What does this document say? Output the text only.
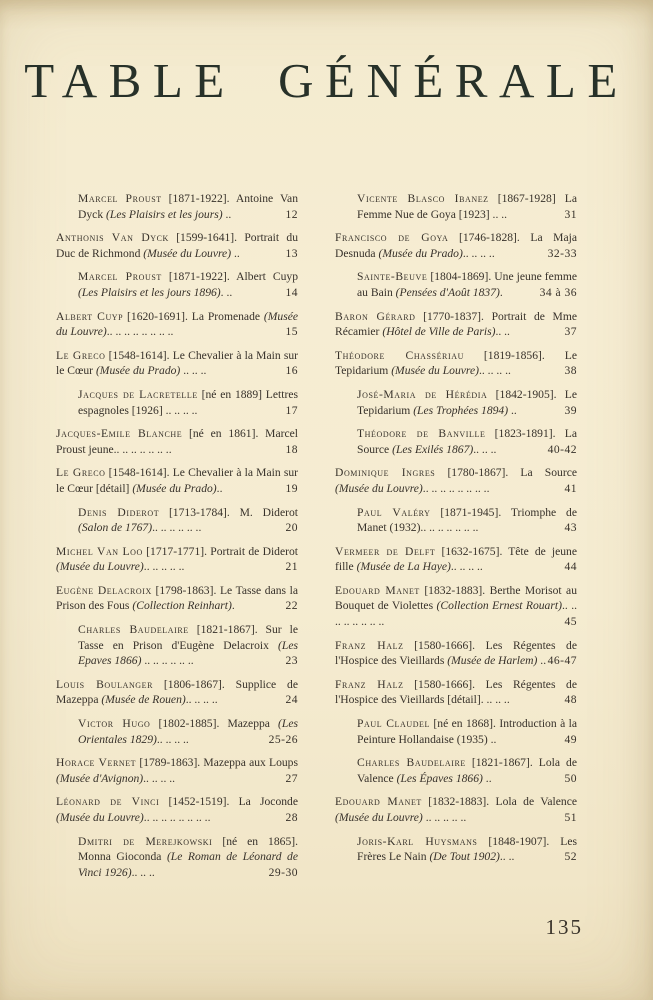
TABLE GÉNÉRALE
Marcel Proust [1871-1922]. Antoine Van Dyck (Les Plaisirs et les jours) ..	12
Anthonis Van Dyck [1599-1641]. Portrait du Duc de Richmond (Musée du Louvre) ..	13
Marcel Proust [1871-1922]. Albert Cuyp (Les Plaisirs et les jours 1896). ..	14
Albert Cuyp [1620-1691]. La Promenade (Musée du Louvre).. .. .. .. .. .. .. ..	15
Le Greco [1548-1614]. Le Chevalier à la Main sur le Cœur (Musée du Prado) .. .. ..	16
Jacques de Lacretelle [né en 1889] Lettres espagnoles [1926] .. .. .. ..	17
Jacques-Emile Blanche [né en 1861]. Marcel Proust jeune.. .. .. .. .. .. ..	18
Le Greco [1548-1614]. Le Chevalier à la Main sur le Cœur [détail] (Musée du Prado)..	19
Denis Diderot [1713-1784]. M. Diderot (Salon de 1767).. .. .. .. .. ..	20
Michel Van Loo [1717-1771]. Portrait de Diderot (Musée du Louvre).. .. .. .. ..	21
Eugène Delacroix [1798-1863]. Le Tasse dans la Prison des Fous (Collection Reinhart).	22
Charles Baudelaire [1821-1867]. Sur le Tasse en Prison d'Eugène Delacroix (Les Epaves 1866) .. .. .. .. .. ..	23
Louis Boulanger [1806-1867]. Supplice de Mazeppa (Musée de Rouen).. .. .. ..	24
Victor Hugo [1802-1885]. Mazeppa (Les Orientales 1829).. .. .. ..	25-26
Horace Vernet [1789-1863]. Mazeppa aux Loups (Musée d'Avignon).. .. .. ..	27
Léonard de Vinci [1452-1519]. La Joconde (Musée du Louvre).. .. .. .. .. .. .. ..	28
Dmitri de Merejkowski [né en 1865]. Monna Gioconda (Le Roman de Léonard de Vinci 1926).. .. ..	29-30
Vicente Blasco Ibanez [1867-1928] La Femme Nue de Goya [1923] .. ..	31
Francisco de Goya [1746-1828]. La Maja Desnuda (Musée du Prado).. .. .. ..	32-33
Sainte-Beuve [1804-1869]. Une jeune femme au Bain (Pensées d'Août 1837).	34 à 36
Baron Gérard [1770-1837]. Portrait de Mme Récamier (Hôtel de Ville de Paris).. ..	37
Théodore Chassériau [1819-1856]. Le Tepidarium (Musée du Louvre).. .. .. ..	38
José-Maria de Hérédia [1842-1905]. Le Tepidarium (Les Trophées 1894) ..	39
Théodore de Banville [1823-1891]. La Source (Les Exilés 1867).. .. ..	40-42
Dominique Ingres [1780-1867]. La Source (Musée du Louvre).. .. .. .. .. .. .. ..	41
Paul Valéry [1871-1945]. Triomphe de Manet (1932).. .. .. .. .. .. ..	43
Vermeer de Delft [1632-1675]. Tête de jeune fille (Musée de La Haye).. .. .. ..	44
Edouard Manet [1832-1883]. Berthe Morisot au Bouquet de Violettes (Collection Ernest Rouart).. .. .. .. .. .. .. ..	45
Franz Halz [1580-1666]. Les Régentes de l'Hospice des Vieillards (Musée de Harlem) .. 46-47
Franz Halz [1580-1666]. Les Régentes de l'Hospice des Vieillards [détail]. .. .. ..	48
Paul Claudel [né en 1868]. Introduction à la Peinture Hollandaise (1935) ..	49
Charles Baudelaire [1821-1867]. Lola de Valence (Les Épaves 1866) ..	50
Edouard Manet [1832-1883]. Lola de Valence (Musée du Louvre) .. .. .. .. ..	51
Joris-Karl Huysmans [1848-1907]. Les Frères Le Nain (De Tout 1902).. ..	52
135
